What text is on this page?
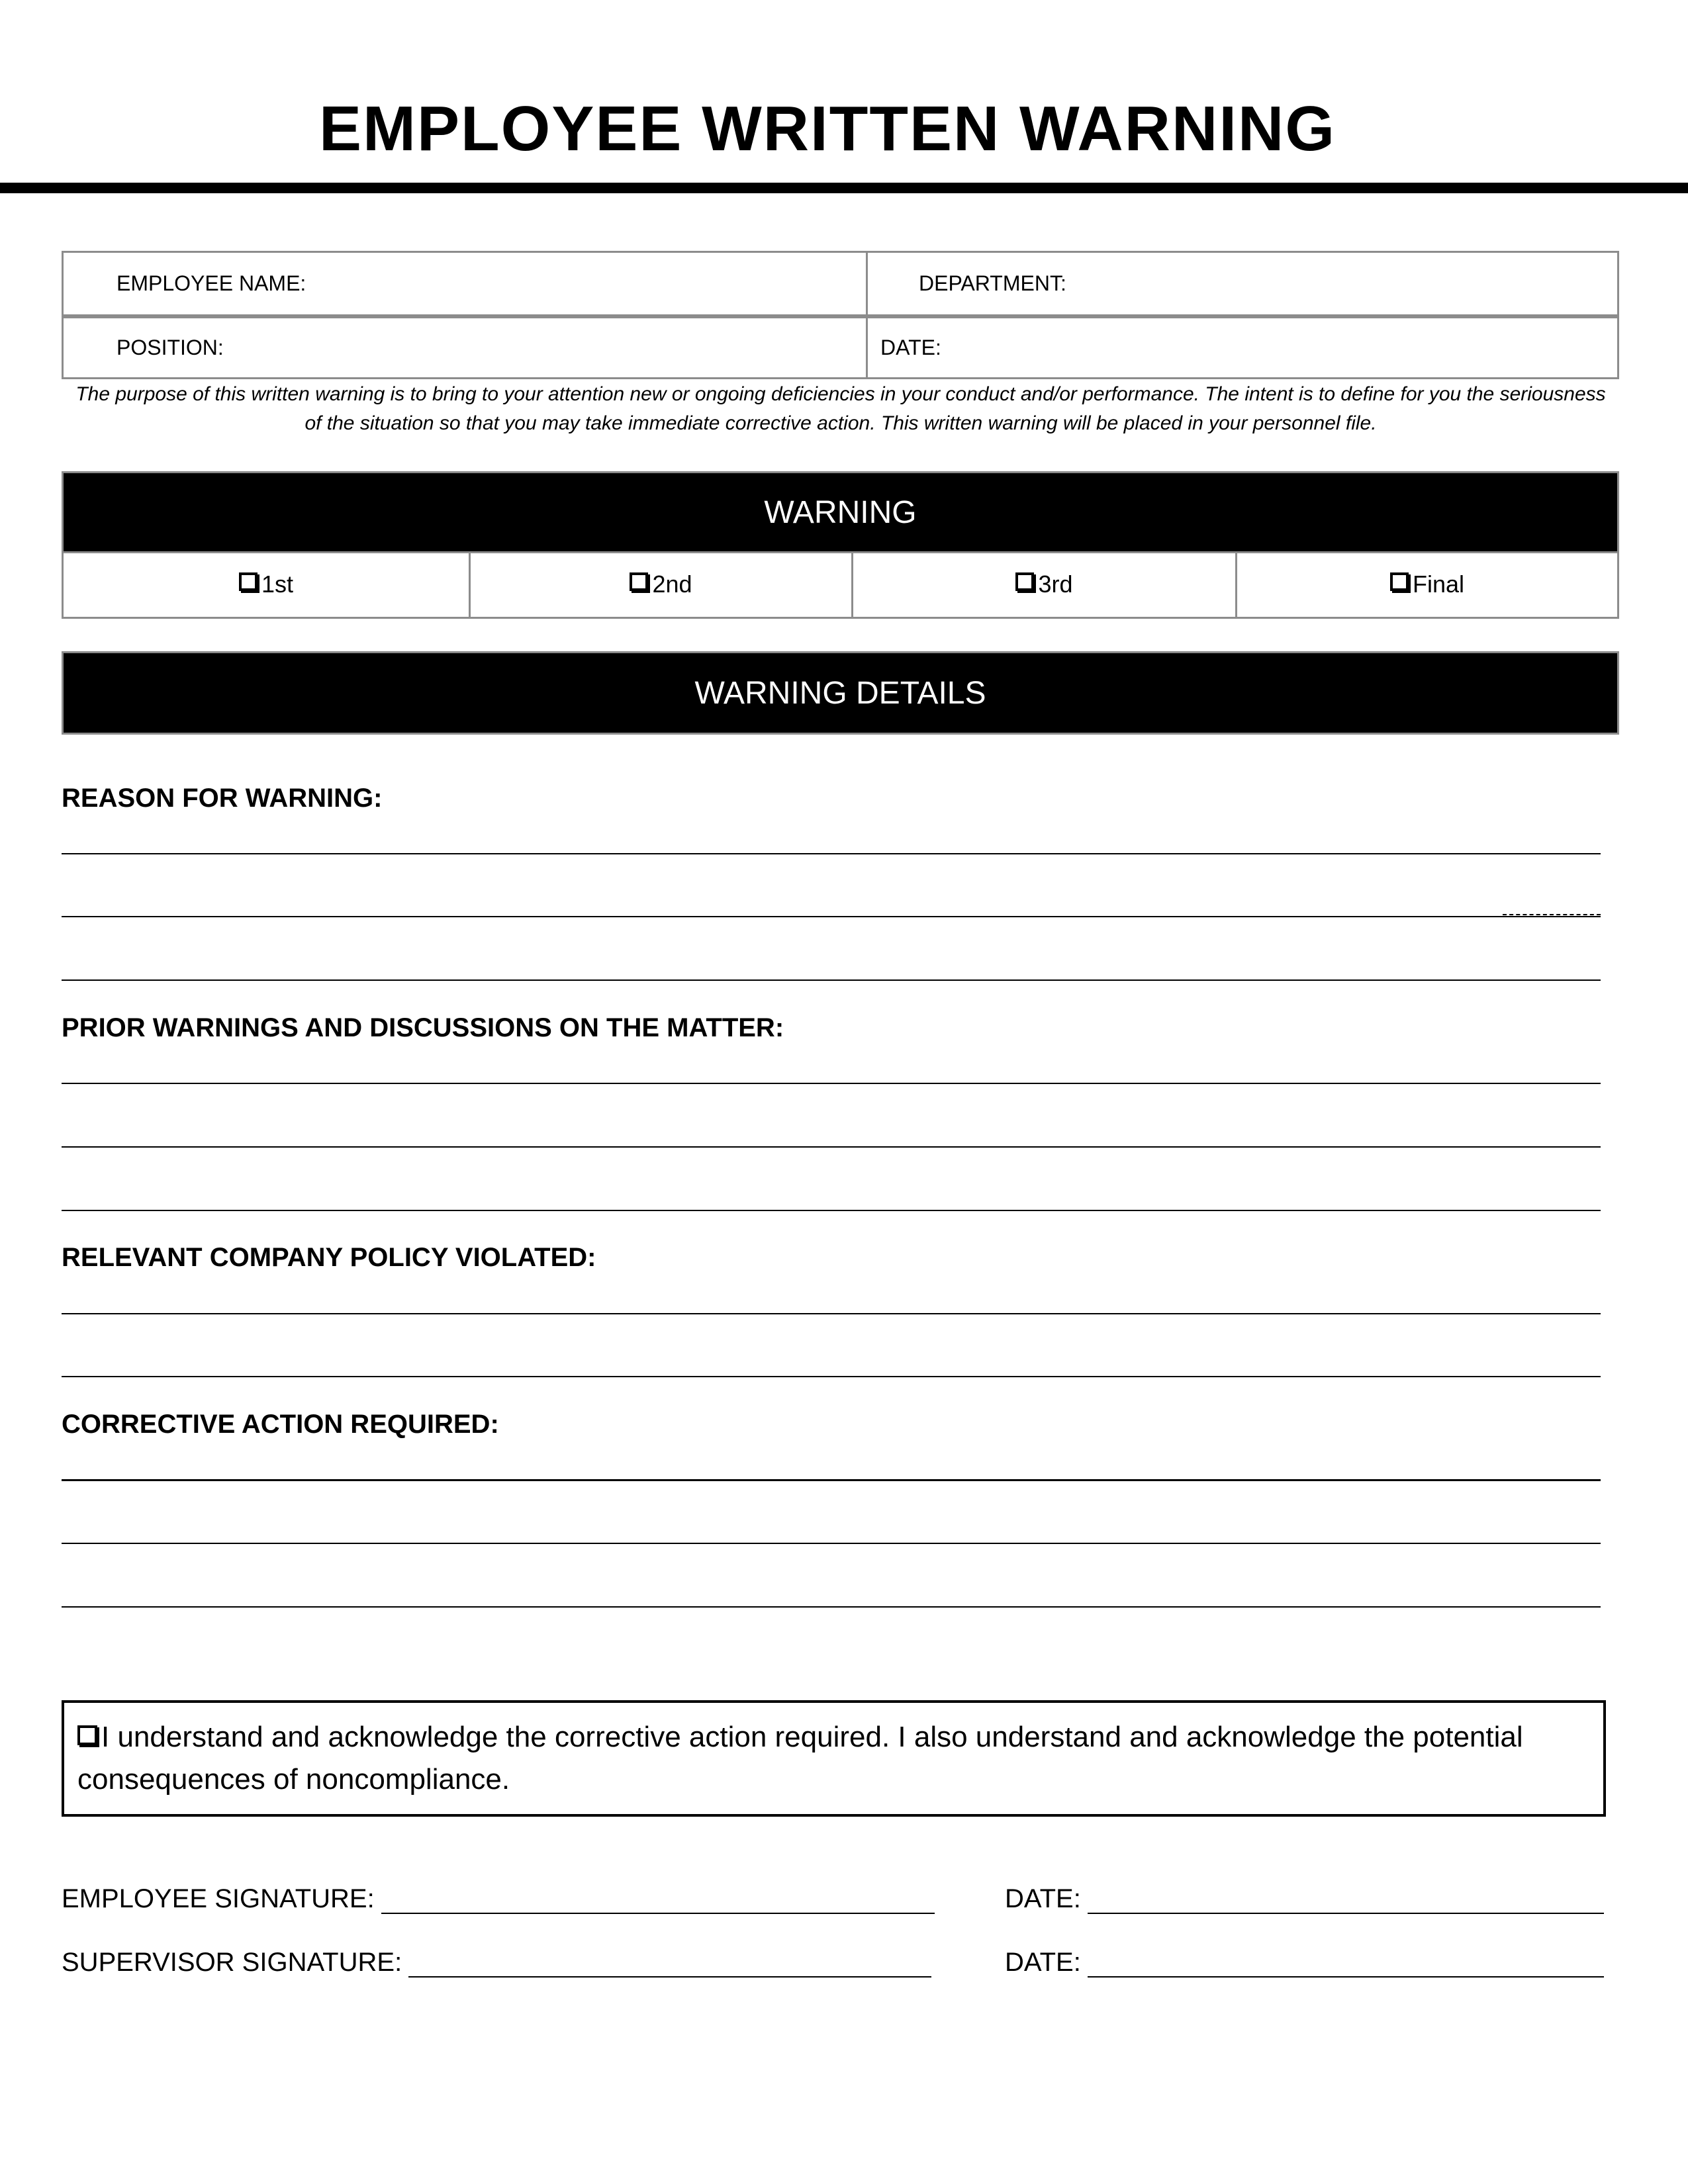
EMPLOYEE WRITTEN WARNING
EMPLOYEE NAME:	DEPARTMENT:
POSITION:	DATE:
The purpose of this written warning is to bring to your attention new or ongoing deficiencies in your conduct and/or performance. The intent is to define for you the seriousness of the situation so that you may take immediate corrective action. This written warning will be placed in your personnel file.
WARNING
1st	2nd	3rd	Final
WARNING DETAILS
REASON FOR WARNING:
PRIOR WARNINGS AND DISCUSSIONS ON THE MATTER:
RELEVANT COMPANY POLICY VIOLATED:
CORRECTIVE ACTION REQUIRED:
I understand and acknowledge the corrective action required. I also understand and acknowledge the potential consequences of noncompliance.
EMPLOYEE SIGNATURE:	DATE:
SUPERVISOR SIGNATURE:	DATE:
